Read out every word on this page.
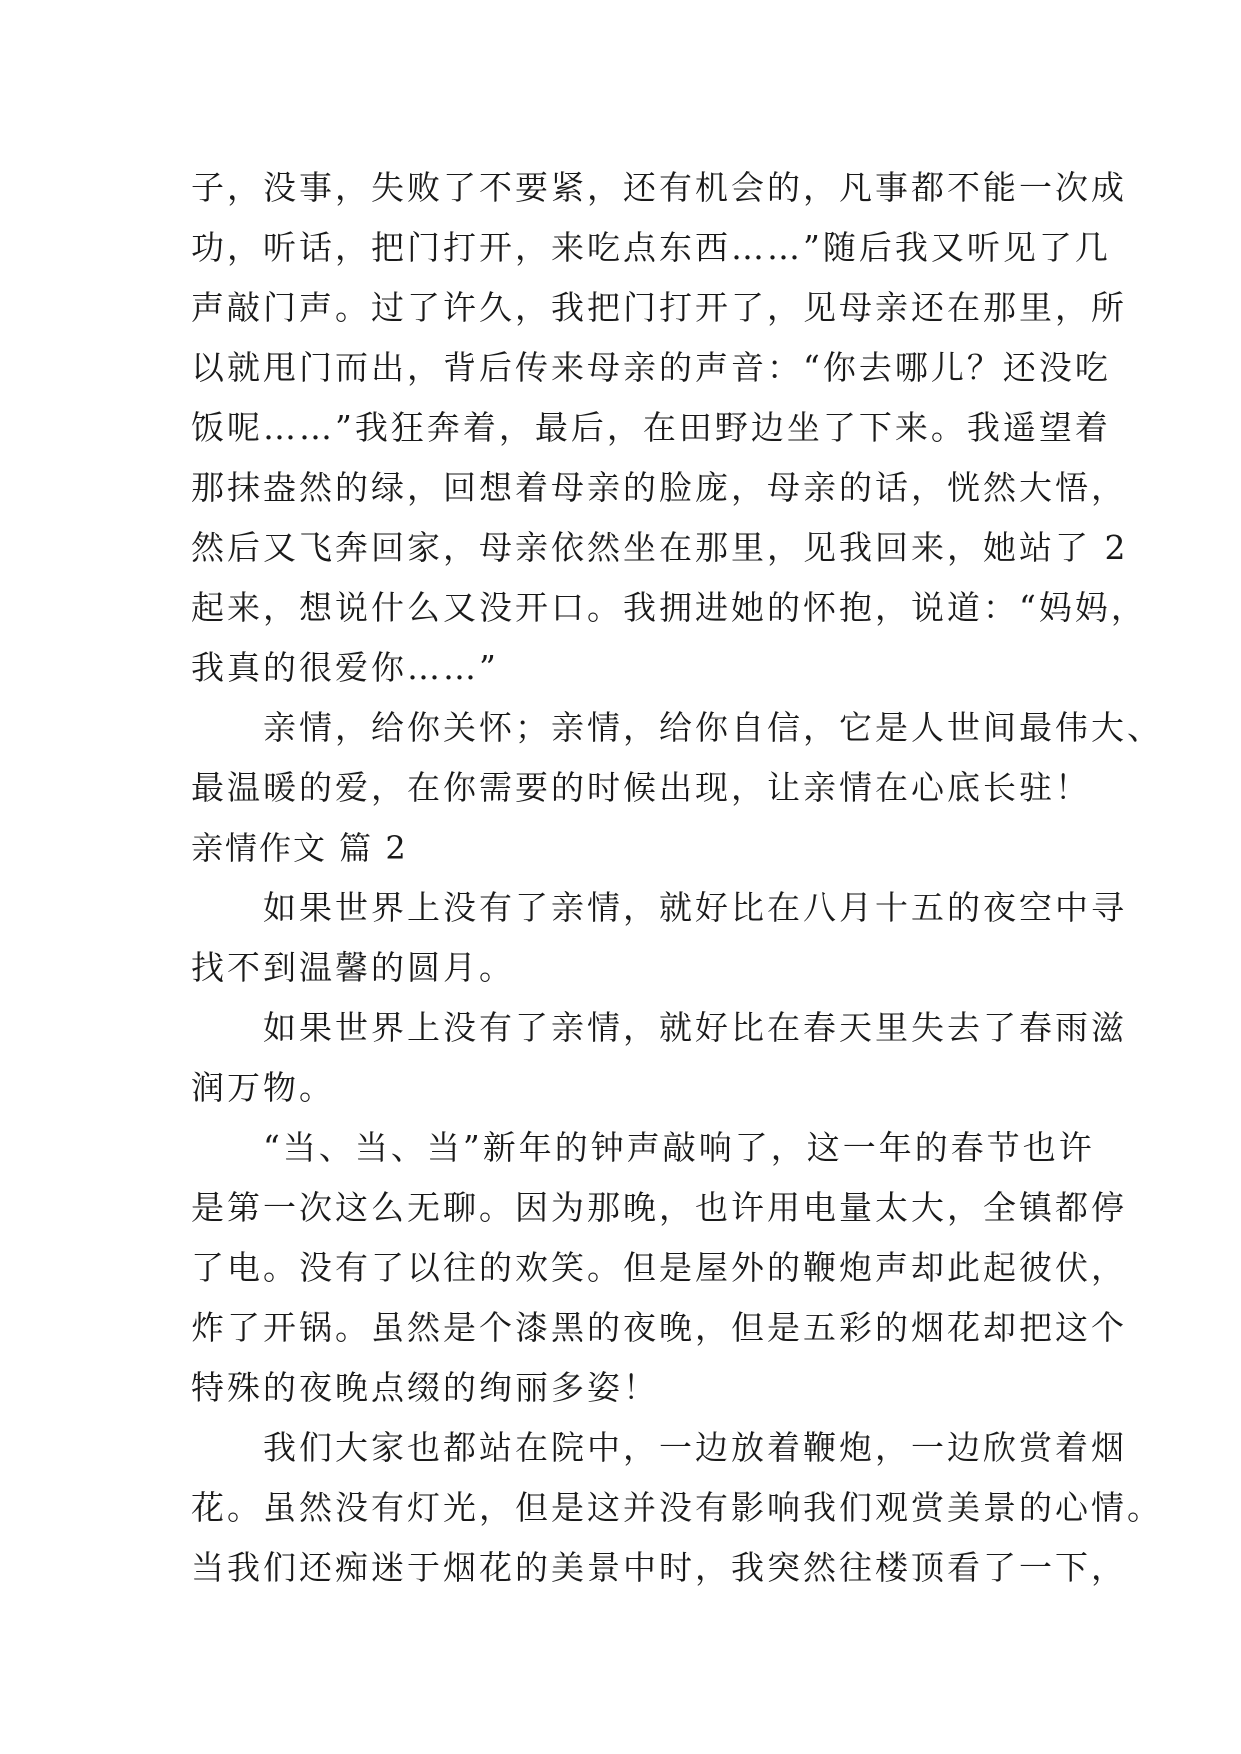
子，没事，失败了不要紧，还有机会的，凡事都不能一次成
功，听话，把门打开，来吃点东西……”随后我又听见了几
声敲门声。过了许久，我把门打开了，见母亲还在那里，所
以就甩门而出，背后传来母亲的声音：“你去哪儿？还没吃
饭呢……”我狂奔着，最后，在田野边坐了下来。我遥望着
那抹盎然的绿，回想着母亲的脸庞，母亲的话，恍然大悟，
然后又飞奔回家，母亲依然坐在那里，见我回来，她站了 2
起来，想说什么又没开口。我拥进她的怀抱，说道：“妈妈，
我真的很爱你……”
　　亲情，给你关怀；亲情，给你自信，它是人世间最伟大、
最温暖的爱，在你需要的时候出现，让亲情在心底长驻！
亲情作文 篇 2
　　如果世界上没有了亲情，就好比在八月十五的夜空中寻
找不到温馨的圆月。
　　如果世界上没有了亲情，就好比在春天里失去了春雨滋
润万物。
　　“当、当、当”新年的钟声敲响了，这一年的春节也许
是第一次这么无聊。因为那晚，也许用电量太大，全镇都停
了电。没有了以往的欢笑。但是屋外的鞭炮声却此起彼伏，
炸了开锅。虽然是个漆黑的夜晚，但是五彩的烟花却把这个
特殊的夜晚点缀的绚丽多姿！
　　我们大家也都站在院中，一边放着鞭炮，一边欣赏着烟
花。虽然没有灯光，但是这并没有影响我们观赏美景的心情。
当我们还痴迷于烟花的美景中时，我突然往楼顶看了一下，
